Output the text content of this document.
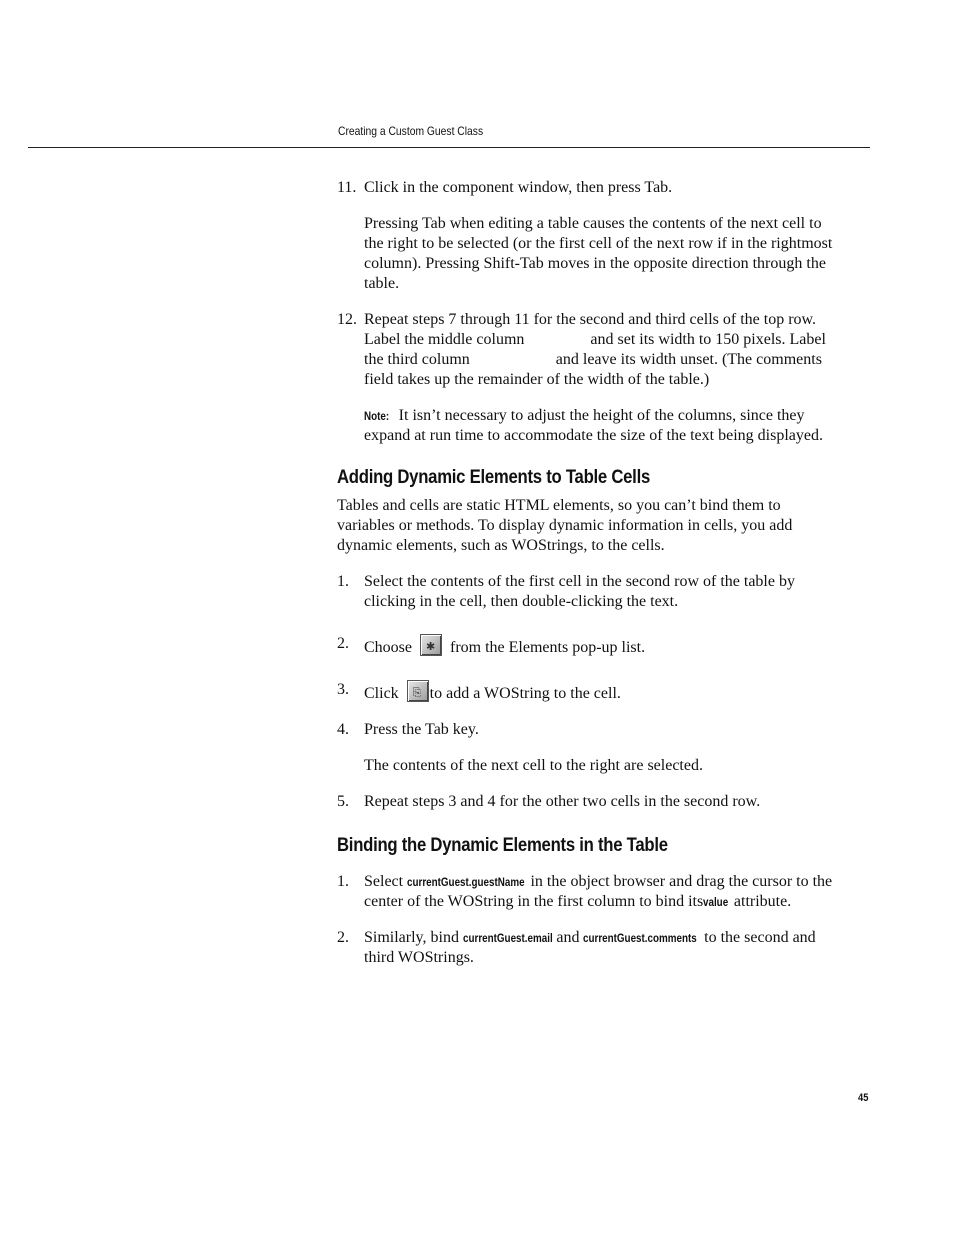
Creating a Custom Guest Class
11. Click in the component window, then press Tab.

Pressing Tab when editing a table causes the contents of the next cell to the right to be selected (or the first cell of the next row if in the rightmost column). Pressing Shift-Tab moves in the opposite direction through the table.

12. Repeat steps 7 through 11 for the second and third cells of the top row. Label the middle column	and set its width to 150 pixels. Label the third column	and leave its width unset. (The comments field takes up the remainder of the width of the table.)

Note: It isn’t necessary to adjust the height of the columns, since they expand at run time to accommodate the size of the text being displayed.

Adding Dynamic Elements to Table Cells

Tables and cells are static HTML elements, so you can’t bind them to variables or methods. To display dynamic information in cells, you add dynamic elements, such as WOStrings, to the cells.

1. Select the contents of the first cell in the second row of the table by clicking in the cell, then double-clicking the text.
2. Choose ✱ from the Elements pop-up list.
3. Click ⎘ to add a WOString to the cell.
4. Press the Tab key.

The contents of the next cell to the right are selected.

5. Repeat steps 3 and 4 for the other two cells in the second row.
Binding the Dynamic Elements in the Table
1. Select currentGuest.guestName in the object browser and drag the cursor to the center of the WOString in the first column to bind itsvalue attribute.
2. Similarly, bind currentGuest.email and currentGuest.comments to the second and third WOStrings.
45
